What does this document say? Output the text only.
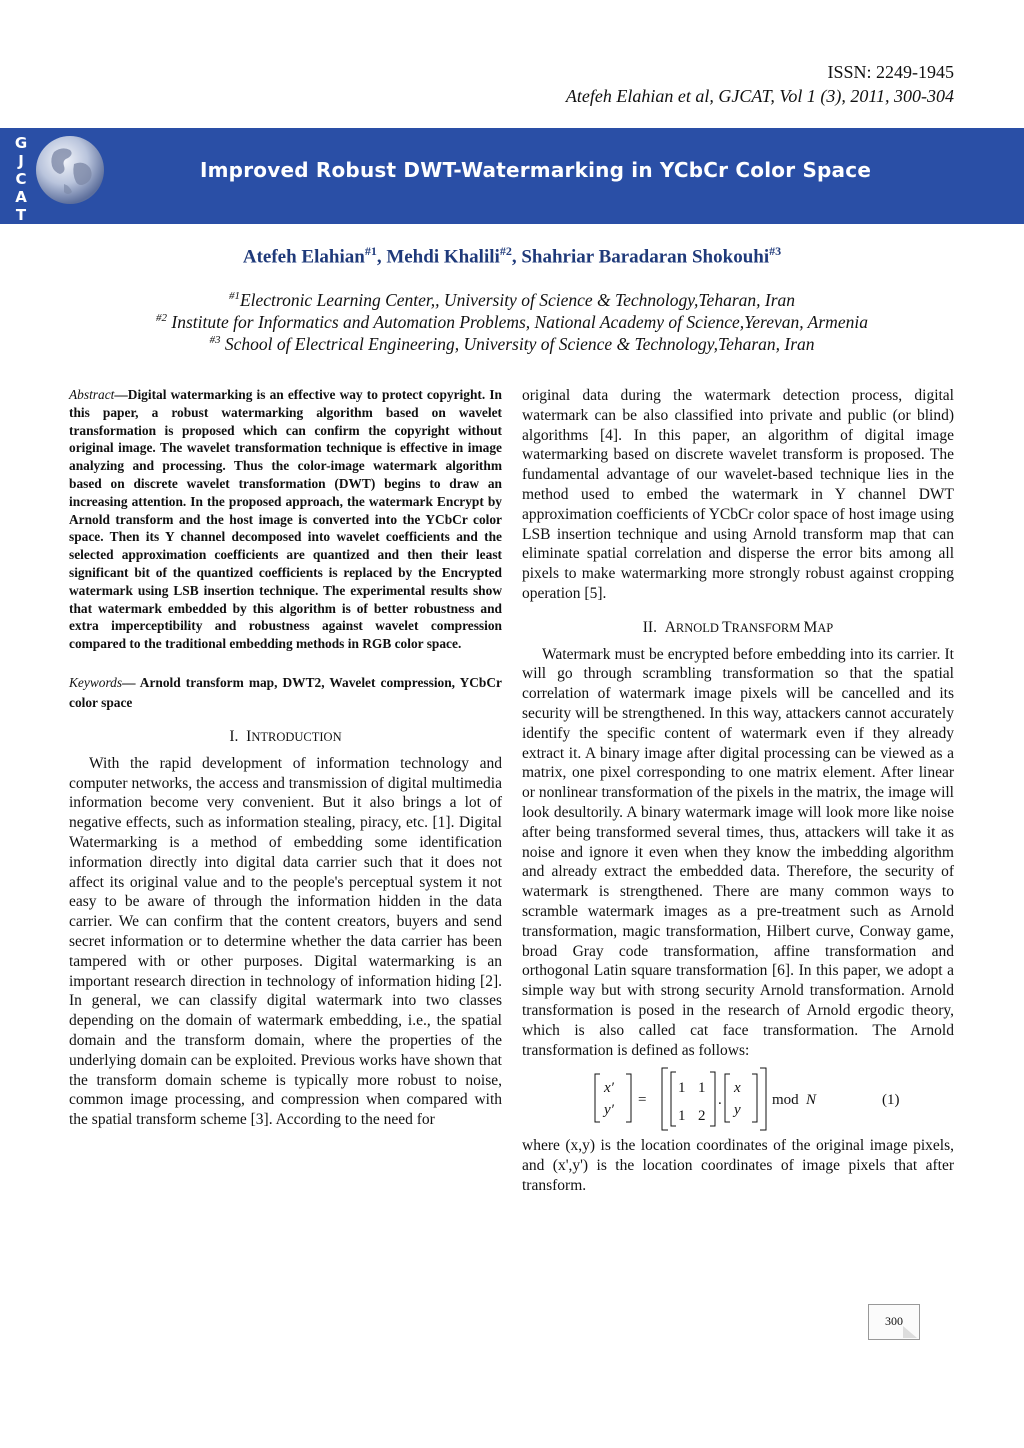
ISSN: 2249-1945
Atefeh Elahian et al, GJCAT, Vol 1 (3), 2011, 300-304
G
J
C
A
T
Improved Robust DWT-Watermarking in YCbCr Color Space
Atefeh Elahian$^{\#1}$, Mehdi Khalili$^{\#2}$, Shahriar Baradaran Shokouhi$^{\#3}$
$^{\#1}$Electronic Learning Center,, University of Science & Technology,Teharan, Iran
$^{\#2}$ Institute for Informatics and Automation Problems, National Academy of Science,Yerevan, Armenia
$^{\#3}$ School of Electrical Engineering, University of Science & Technology,Teharan, Iran

Abstract—Digital watermarking is an effective way to protect copyright. In this paper, a robust watermarking algorithm based on wavelet transformation is proposed which can confirm the copyright without original image. The wavelet transformation technique is effective in image analyzing and processing. Thus the color-image watermark algorithm based on discrete wavelet transformation (DWT) begins to draw an increasing attention. In the proposed approach, the watermark Encrypt by Arnold transform and the host image is converted into the YCbCr color space. Then its Y channel decomposed into wavelet coefficients and the selected approximation coefficients are quantized and then their least significant bit of the quantized coefficients is replaced by the Encrypted watermark using LSB insertion technique. The experimental results show that watermark embedded by this algorithm is of better robustness and extra imperceptibility and robustness against wavelet compression compared to the traditional embedding methods in RGB color space.

Keywords— Arnold transform map, DWT2, Wavelet compression, YCbCr color space

I. INTRODUCTION

With the rapid development of information technology and computer networks, the access and transmission of digital multimedia information become very convenient. But it also brings a lot of negative effects, such as information stealing, piracy, etc. [1]. Digital Watermarking is a method of embedding some identification information directly into digital data carrier such that it does not affect its original value and to the people's perceptual system it not easy to be aware of through the information hidden in the data carrier. We can confirm that the content creators, buyers and send secret information or to determine whether the data carrier has been tampered with or other purposes. Digital watermarking is an important research direction in technology of information hiding [2]. In general, we can classify digital watermark into two classes depending on the domain of watermark embedding, i.e., the spatial domain and the transform domain, where the properties of the underlying domain can be exploited. Previous works have shown that the transform domain scheme is typically more robust to noise, common image processing, and compression when compared with the spatial transform scheme [3]. According to the need for

original data during the watermark detection process, digital watermark can be also classified into private and public (or blind) algorithms [4]. In this paper, an algorithm of digital image watermarking based on discrete wavelet transform is proposed. The fundamental advantage of our wavelet-based technique lies in the method used to embed the watermark in Y channel DWT approximation coefficients of YCbCr color space of host image using LSB insertion technique and using Arnold transform map that can eliminate spatial correlation and disperse the error bits among all pixels to make watermarking more strongly robust against cropping operation [5].

II. ARNOLD TRANSFORM MAP

Watermark must be encrypted before embedding into its carrier. It will go through scrambling transformation so that the spatial correlation of watermark image pixels will be cancelled and its security will be strengthened. In this way, attackers cannot accurately identify the specific content of watermark even if they already extract it. A binary image after digital processing can be viewed as a matrix, one pixel corresponding to one matrix element. After linear or nonlinear transformation of the pixels in the matrix, the image will look desultorily. A binary watermark image will look more like noise after being transformed several times, thus, attackers will take it as noise and ignore it even when they know the imbedding algorithm and already extract the embedded data. Therefore, the security of watermark is strengthened. There are many common ways to scramble watermark images as a pre-treatment such as Arnold transformation, magic transformation, Hilbert curve, Conway game, broad Gray code transformation, affine transformation and orthogonal Latin square transformation [6]. In this paper, we adopt a simple way but with strong security Arnold transformation. Arnold transformation is posed in the research of Arnold ergodic theory, which is also called cat face transformation. The Arnold transformation is defined as follows:

x′
y′
=
1 1
1 2
.
x
y
mod N	(1)

where (x,y) is the location coordinates of the original image pixels, and (x',y') is the location coordinates of image pixels that after transform.

300
